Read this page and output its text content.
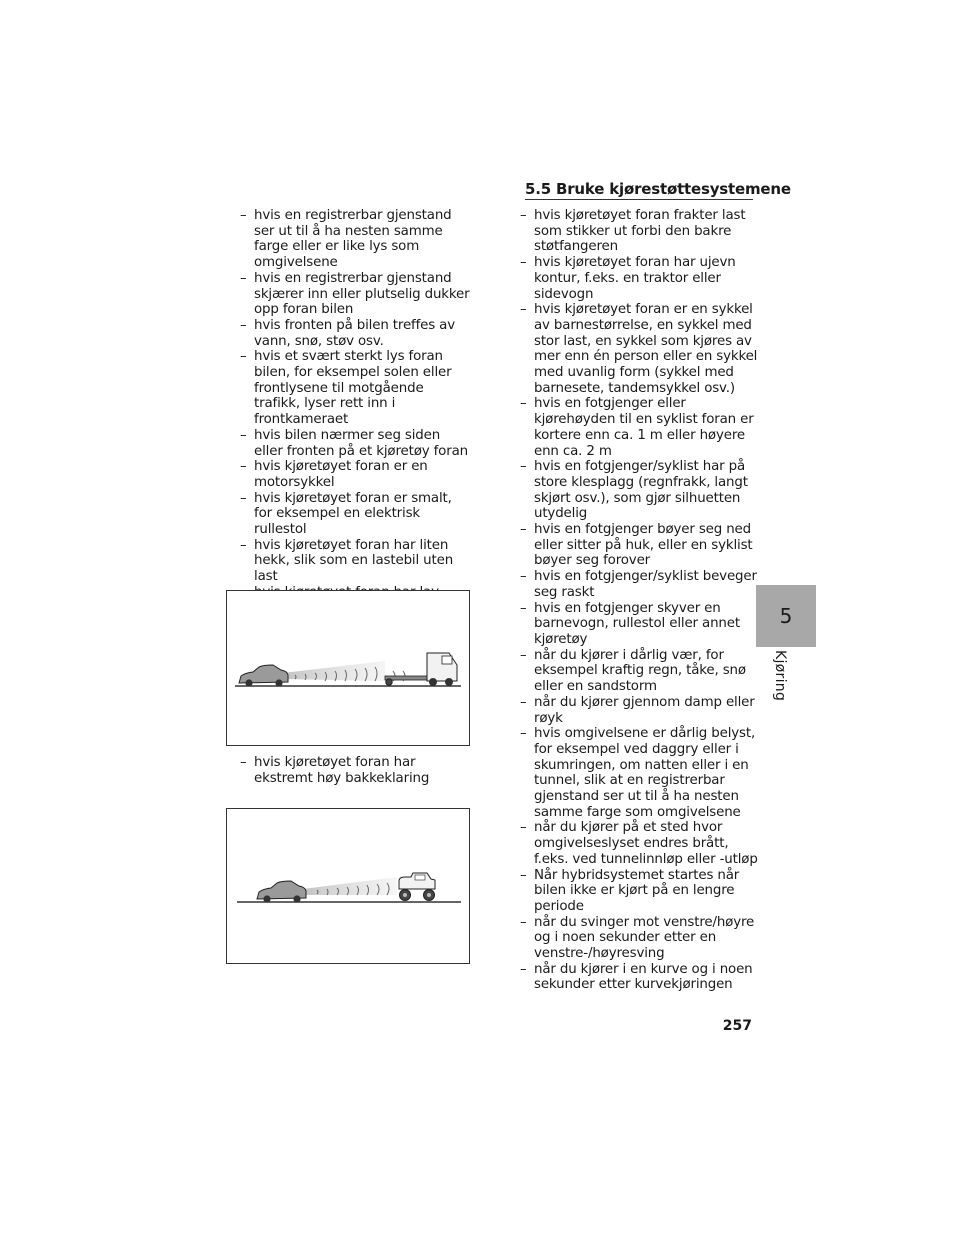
5.5 Bruke kjørestøttesystemene
– hvis en registrerbar gjenstand ser ut til å ha nesten samme farge eller er like lys som omgivelsene
– hvis en registrerbar gjenstand skjærer inn eller plutselig dukker opp foran bilen
– hvis fronten på bilen treffes av vann, snø, støv osv.
– hvis et svært sterkt lys foran bilen, for eksempel solen eller frontlysene til motgående trafikk, lyser rett inn i frontkameraet
– hvis bilen nærmer seg siden eller fronten på et kjøretøy foran
– hvis kjøretøyet foran er en motorsykkel
– hvis kjøretøyet foran er smalt, for eksempel en elektrisk rullestol
– hvis kjøretøyet foran har liten hekk, slik som en lastebil uten last
– hvis kjøretøyet foran har ekstremt høy bakkeklaring
– hvis kjøretøyet foran frakter last som stikker ut forbi den bakre støtfangeren
– hvis kjøretøyet foran har ujevn kontur, f.eks. en traktor eller sidevogn
– hvis kjøretøyet foran er en sykkel av barnestørrelse, en sykkel med stor last, en sykkel som kjøres av mer enn én person eller en sykkel med uvanlig form (sykkel med barnesete, tandemsykkel osv.)
– hvis en fotgjenger eller kjørehøyden til en syklist foran er kortere enn ca. 1 m eller høyere enn ca. 2 m
– hvis en fotgjenger/syklist har på store klesplagg (regnfrakk, langt skjørt osv.), som gjør silhuetten utydelig
– hvis en fotgjenger bøyer seg ned eller sitter på huk, eller en syklist bøyer seg forover
– hvis en fotgjenger/syklist beveger seg raskt
– hvis en fotgjenger skyver en barnevogn, rullestol eller annet kjøretøy
– når du kjører i dårlig vær, for eksempel kraftig regn, tåke, snø eller en sandstorm
– når du kjører gjennom damp eller røyk
– hvis omgivelsene er dårlig belyst, for eksempel ved daggry eller i skumringen, om natten eller i en tunnel, slik at en registrerbar gjenstand ser ut til å ha nesten samme farge som omgivelsene
– når du kjører på et sted hvor omgivelseslyset endres brått, f.eks. ved tunnelinnløp eller -utløp
– Når hybridsystemet startes når bilen ikke er kjørt på en lengre periode
– når du svinger mot venstre/høyre og i noen sekunder etter en venstre-/høyresving
– når du kjører i en kurve og i noen sekunder etter kurvekjøringen
5
Kjøring
257
